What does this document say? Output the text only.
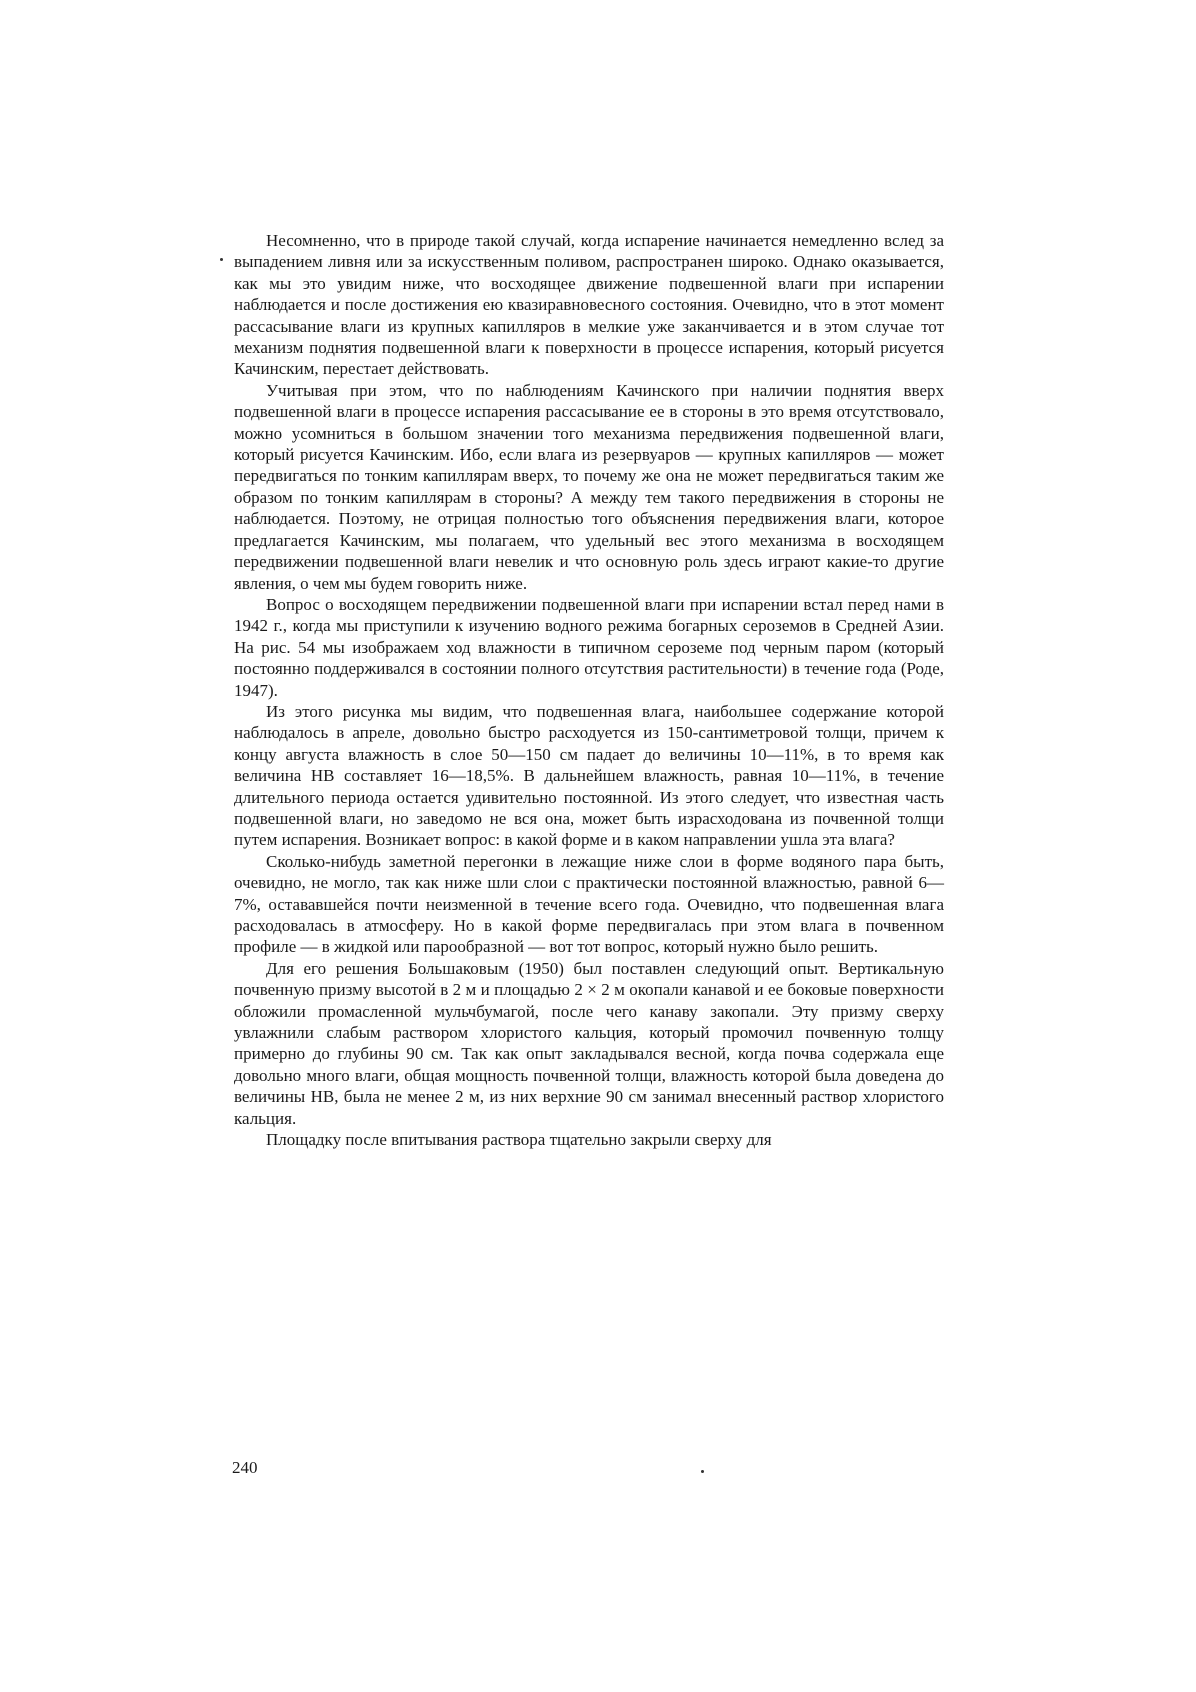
Несомненно, что в природе такой случай, когда испарение начинается немедленно вслед за выпадением ливня или за искусственным поливом, распространен широко. Однако оказывается, как мы это увидим ниже, что восходящее движение подвешенной влаги при испарении наблюдается и после достижения ею квазиравновесного состояния. Очевидно, что в этот момент рассасывание влаги из крупных капилляров в мелкие уже заканчивается и в этом случае тот механизм поднятия подвешенной влаги к поверхности в процессе испарения, который рисуется Качинским, перестает действовать.

Учитывая при этом, что по наблюдениям Качинского при наличии поднятия вверх подвешенной влаги в процессе испарения рассасывание ее в стороны в это время отсутствовало, можно усомниться в большом значении того механизма передвижения подвешенной влаги, который рисуется Качинским. Ибо, если влага из резервуаров — крупных капилляров — может передвигаться по тонким капиллярам вверх, то почему же она не может передвигаться таким же образом по тонким капиллярам в стороны? А между тем такого передвижения в стороны не наблюдается. Поэтому, не отрицая полностью того объяснения передвижения влаги, которое предлагается Качинским, мы полагаем, что удельный вес этого механизма в восходящем передвижении подвешенной влаги невелик и что основную роль здесь играют какие-то другие явления, о чем мы будем говорить ниже.

Вопрос о восходящем передвижении подвешенной влаги при испарении встал перед нами в 1942 г., когда мы приступили к изучению водного режима богарных сероземов в Средней Азии. На рис. 54 мы изображаем ход влажности в типичном сероземе под черным паром (который постоянно поддерживался в состоянии полного отсутствия растительности) в течение года (Роде, 1947).

Из этого рисунка мы видим, что подвешенная влага, наибольшее содержание которой наблюдалось в апреле, довольно быстро расходуется из 150-сантиметровой толщи, причем к концу августа влажность в слое 50—150 см падает до величины 10—11%, в то время как величина НВ составляет 16—18,5%. В дальнейшем влажность, равная 10—11%, в течение длительного периода остается удивительно постоянной. Из этого следует, что известная часть подвешенной влаги, но заведомо не вся она, может быть израсходована из почвенной толщи путем испарения. Возникает вопрос: в какой форме и в каком направлении ушла эта влага?

Сколько-нибудь заметной перегонки в лежащие ниже слои в форме водяного пара быть, очевидно, не могло, так как ниже шли слои с практически постоянной влажностью, равной 6—7%, остававшейся почти неизменной в течение всего года. Очевидно, что подвешенная влага расходовалась в атмосферу. Но в какой форме передвигалась при этом влага в почвенном профиле — в жидкой или парообразной — вот тот вопрос, который нужно было решить.

Для его решения Большаковым (1950) был поставлен следующий опыт. Вертикальную почвенную призму высотой в 2 м и площадью 2 × 2 м окопали канавой и ее боковые поверхности обложили промасленной мульчбумагой, после чего канаву закопали. Эту призму сверху увлажнили слабым раствором хлористого кальция, который промочил почвенную толщу примерно до глубины 90 см. Так как опыт закладывался весной, когда почва содержала еще довольно много влаги, общая мощность почвенной толщи, влажность которой была доведена до величины НВ, была не менее 2 м, из них верхние 90 см занимал внесенный раствор хлористого кальция.

Площадку после впитывания раствора тщательно закрыли сверху для

240
